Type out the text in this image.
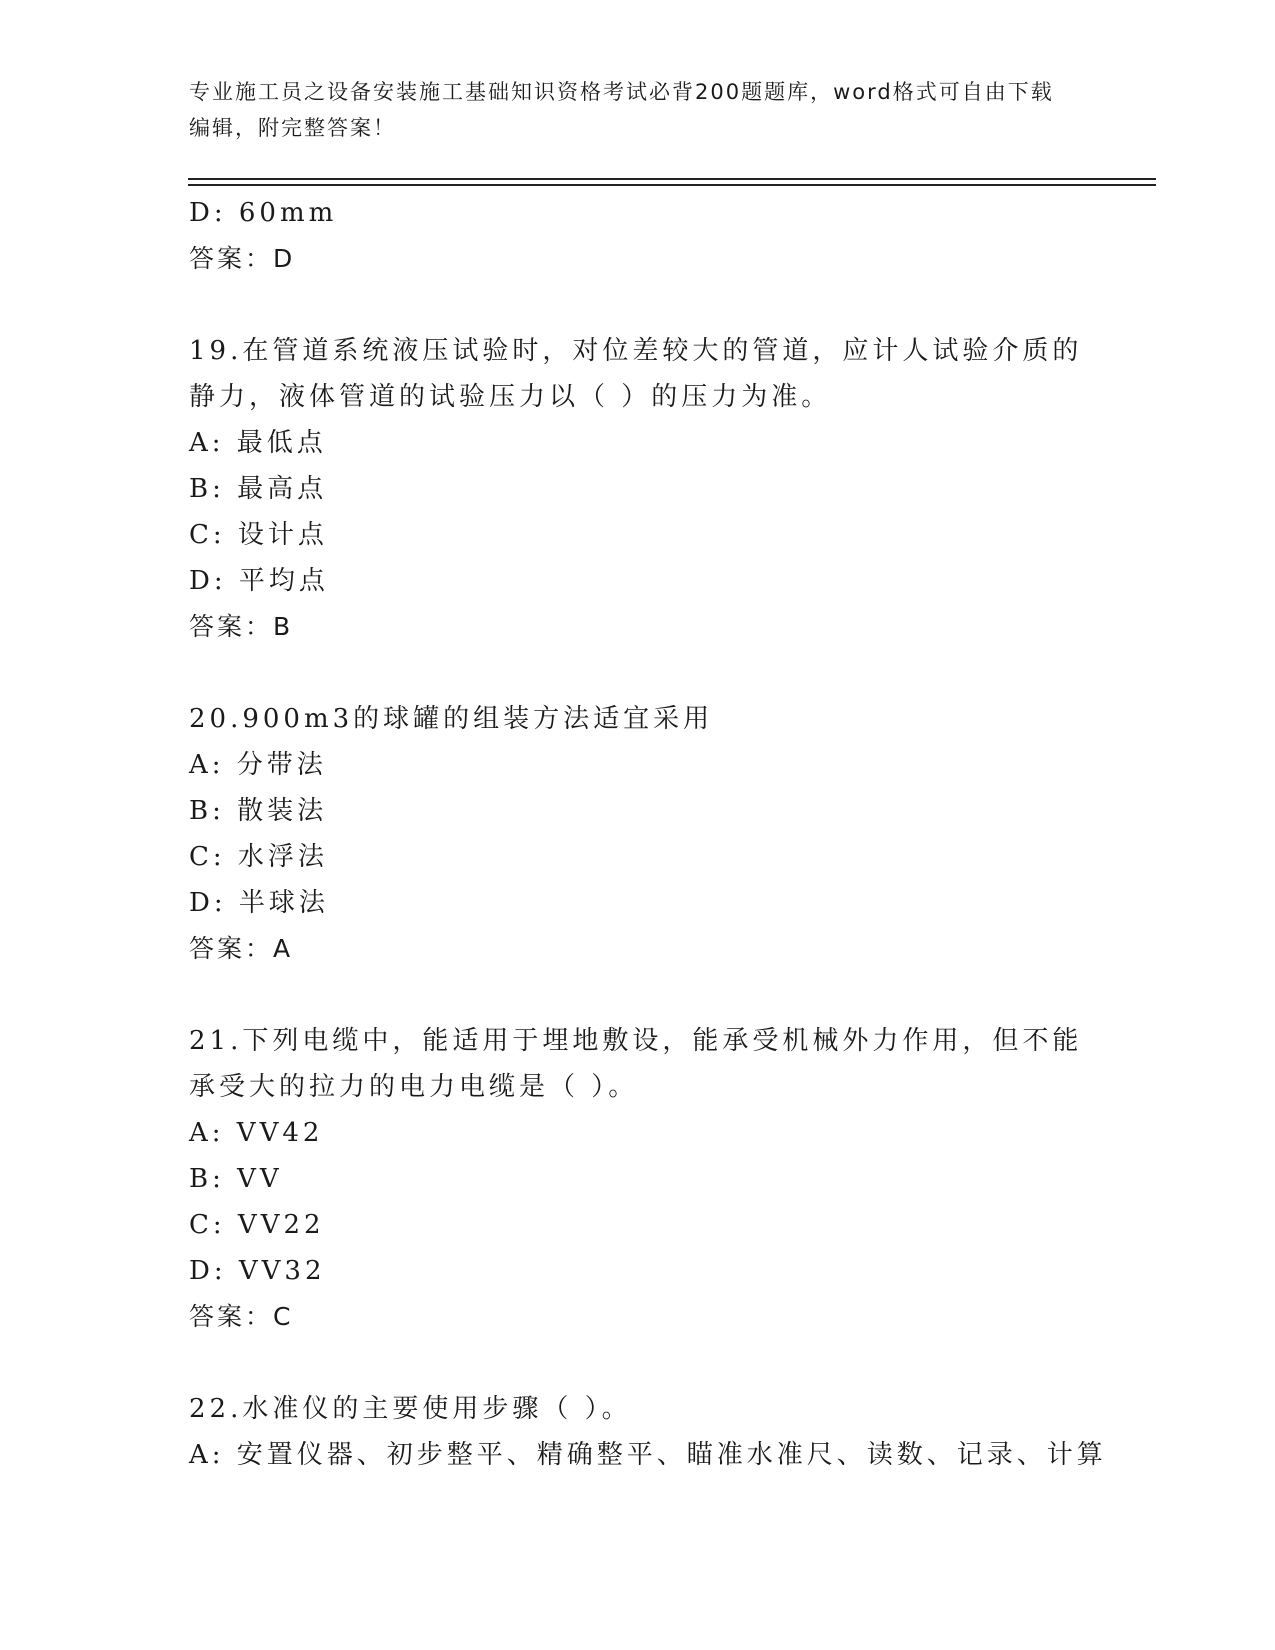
专业施工员之设备安装施工基础知识资格考试必背200题题库，word格式可自由下载编辑，附完整答案！
D: 60mm
答案：D
19.在管道系统液压试验时，对位差较大的管道，应计人试验介质的静力，液体管道的试验压力以（ ）的压力为准。
A: 最低点
B: 最高点
C: 设计点
D: 平均点
答案：B
20.900m3的球罐的组装方法适宜采用
A: 分带法
B: 散装法
C: 水浮法
D: 半球法
答案：A
21.下列电缆中，能适用于埋地敷设，能承受机械外力作用，但不能承受大的拉力的电力电缆是（ ）。
A: VV42
B: VV
C: VV22
D: VV32
答案：C
22.水准仪的主要使用步骤（ ）。
A: 安置仪器、初步整平、精确整平、瞄准水准尺、读数、记录、计算
